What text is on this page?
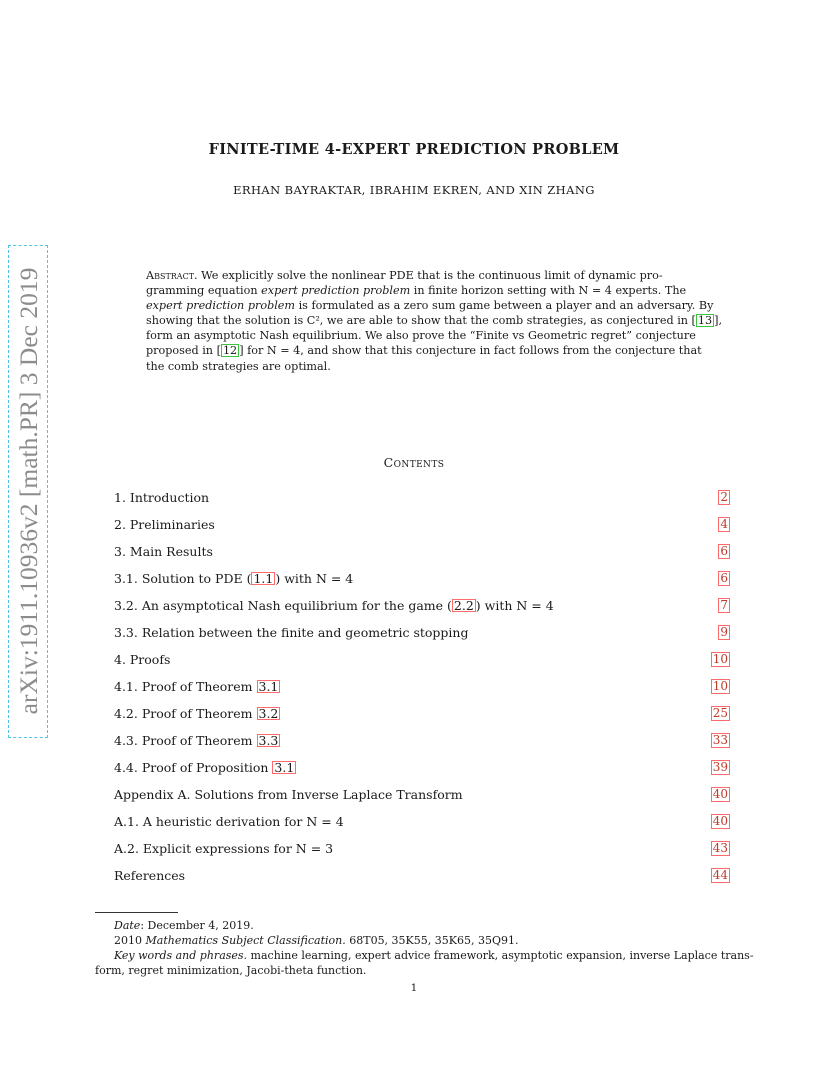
arXiv:1911.10936v2 [math.PR] 3 Dec 2019
FINITE-TIME 4-EXPERT PREDICTION PROBLEM
ERHAN BAYRAKTAR, IBRAHIM EKREN, AND XIN ZHANG
Abstract. We explicitly solve the nonlinear PDE that is the continuous limit of dynamic pro-
gramming equation expert prediction problem in finite horizon setting with N = 4 experts. The
expert prediction problem is formulated as a zero sum game between a player and an adversary. By
showing that the solution is C², we are able to show that the comb strategies, as conjectured in [ 13 ],
form an asymptotic Nash equilibrium. We also prove the “Finite vs Geometric regret” conjecture
proposed in [ 12 ] for N = 4, and show that this conjecture in fact follows from the conjecture that
the comb strategies are optimal.
Contents
1. Introduction	2
2. Preliminaries	4
3. Main Results	6
3.1. Solution to PDE ( 1.1 ) with N = 4	6
3.2. An asymptotical Nash equilibrium for the game ( 2.2 ) with N = 4	7
3.3. Relation between the finite and geometric stopping	9
4. Proofs	10
4.1. Proof of Theorem 3.1	10
4.2. Proof of Theorem 3.2	25
4.3. Proof of Theorem 3.3	33
4.4. Proof of Proposition 3.1	39
Appendix A. Solutions from Inverse Laplace Transform	40
A.1. A heuristic derivation for N = 4	40
A.2. Explicit expressions for N = 3	43
References	44
Date: December 4, 2019.
2010 Mathematics Subject Classification. 68T05, 35K55, 35K65, 35Q91.
Key words and phrases. machine learning, expert advice framework, asymptotic expansion, inverse Laplace trans-
form, regret minimization, Jacobi-theta function.
1
